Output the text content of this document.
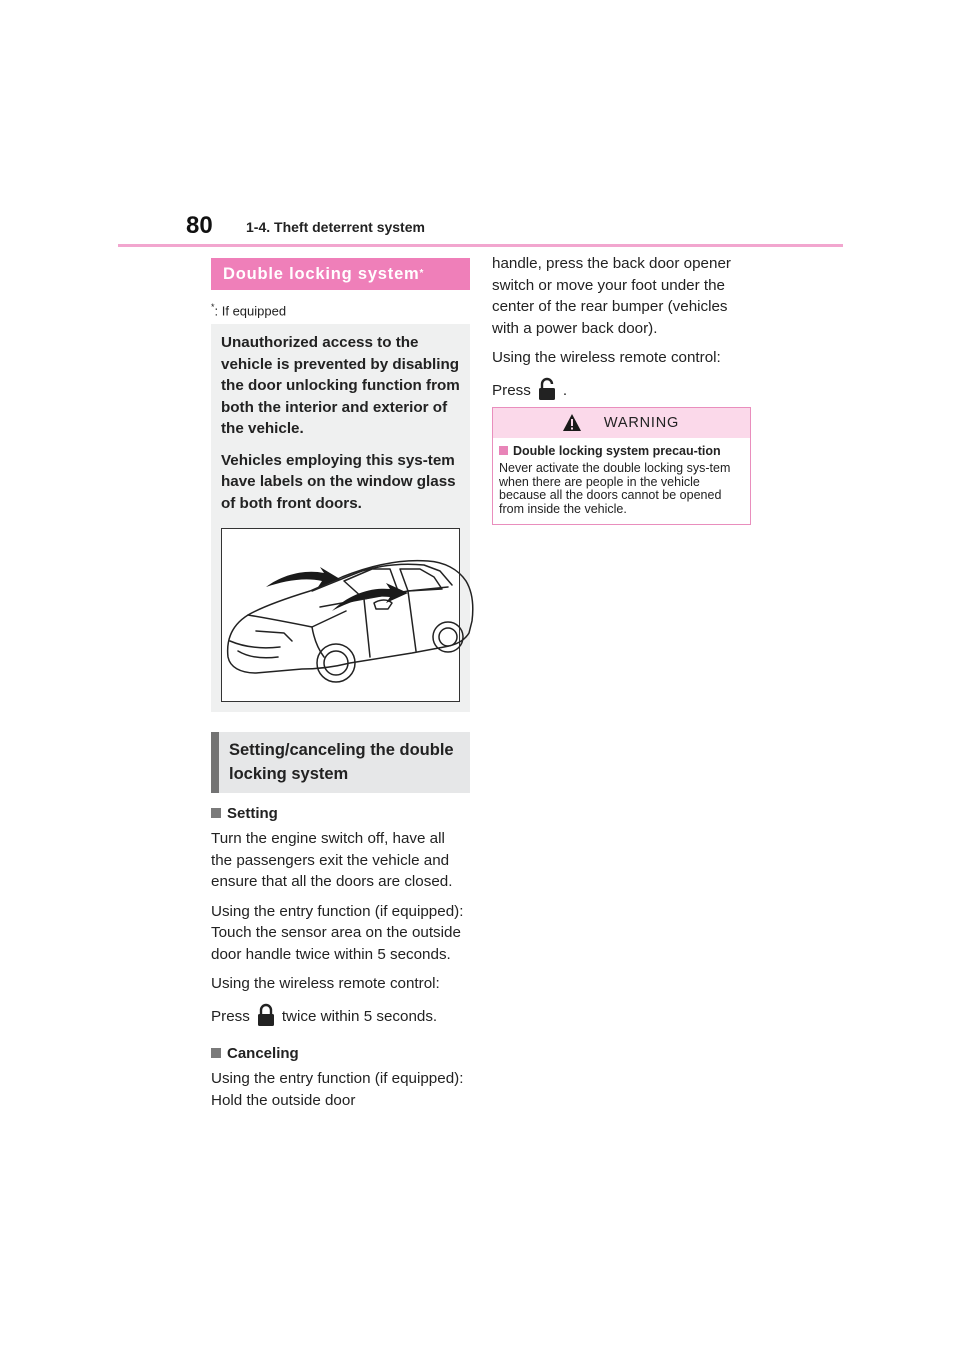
80 1-4. Theft deterrent system
Double locking system*
*: If equipped

Unauthorized access to the vehicle is prevented by disabling the door unlocking function from both the interior and exterior of the vehicle.

Vehicles employing this sys-tem have labels on the window glass of both front doors.

Setting/canceling the double locking system
Setting

Turn the engine switch off, have all the passengers exit the vehicle and ensure that all the doors are closed.

Using the entry function (if equipped): Touch the sensor area on the outside door handle twice within 5 seconds.

Using the wireless remote control:

Press twice within 5 seconds.

Canceling

Using the entry function (if equipped): Hold the outside door

handle, press the back door opener switch or move your foot under the center of the rear bumper (vehicles with a power back door).

Using the wireless remote control:

Press .

WARNING
Double locking system precau-tion

Never activate the double locking sys-tem when there are people in the vehicle because all the doors cannot be opened from inside the vehicle.
